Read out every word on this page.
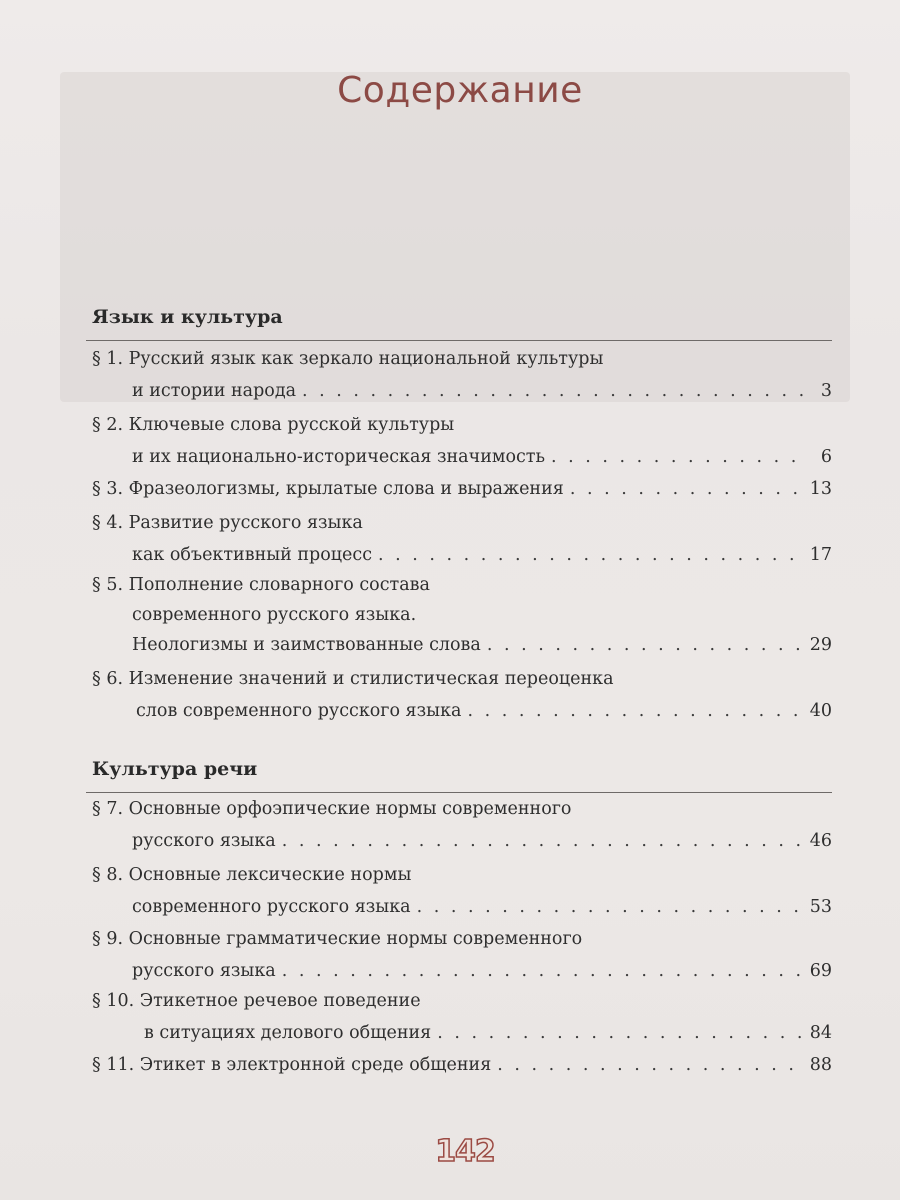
Содержание
Язык и культура
§ 1.
Русский язык как зеркало национальной культуры
и истории народа . . .	3
§ 2.
Ключевые слова русской культуры
и их национально-историческая значимость . . .	6
§ 3.
Фразеологизмы, крылатые слова и выражения . . .	13
§ 4.
Развитие русского языка
как объективный процесс . . .	17
§ 5.
Пополнение словарного состава
современного русского языка.
Неологизмы и заимствованные слова . . .	29
§ 6.
Изменение значений и стилистическая переоценка
слов современного русского языка . . .	40
Культура речи
§ 7.
Основные орфоэпические нормы современного
русского языка . . .	46
§ 8.
Основные лексические нормы
современного русского языка . . .	53
§ 9.
Основные грамматические нормы современного
русского языка . . .	69
§ 10.
Этикетное речевое поведение
в ситуациях делового общения . . .	84
§ 11.
Этикет в электронной среде общения . . .	88
142
